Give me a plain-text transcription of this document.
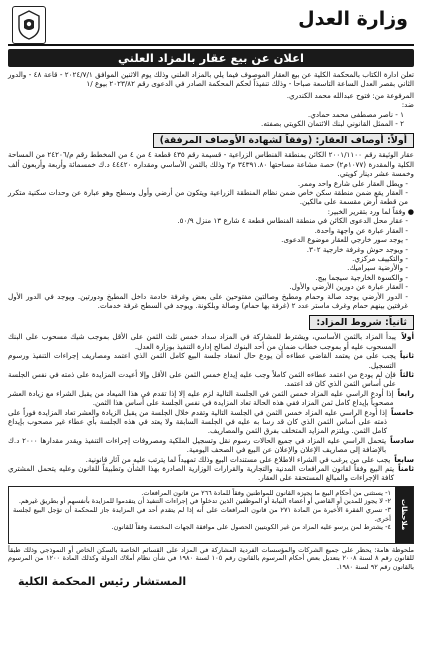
وزارة العدل
اعلان عن بيع عقار بالمزاد العلني

تعلن ادارة الكتاب بالمحكمة الكلية عن بيع العقار الموصوف فيما يلي بالمزاد العلني وذلك يوم الاثنين الموافق ٢٠٢٤/٧/١ - قاعة ٤٨ - والدور الثاني بقصر العدل الساعة التاسعة صباحا - وذلك تنفيذاً لحكم المحكمة الصادر في الدعوى رقم ٢٠٢٣/٨٢ بيوع /١

المرفوعة من: فتوح عبدالله محمد الكندري.
ضد:
١ - ناصر مصطفى محمد حمادي.
٢ - الممثل القانوني لبنك الائتمان الكويتي بصفته.
أولاً: أوصاف العقار: (وفقاً لشهادة الأوصاف المرفقة)

عقار الوثيقة رقم ٢٠٠١/١١٠٠ الكائن بمنطقة الفنطاس الزراعية - قسيمة رقم ٤٣٥ قطعة ٤ من ٤ من المخطط رقم م/٢٤٢٠٦ من المساحة الكلية والمقدرة (١٠٧٧م٢) حصة مشاعة مساحتها ٣٤٣٩١.٨٠ م٢ وذلك بالثمن الأساسي ومقداره ٤٤٤٢٠ د.ك خمسمائة وأربعة وأربعون ألف وخمسة عشر دينار كويتي.

- ويطل العقار على شارع واحد وممر.
- العقار يقع ضمن منطقة سكن خاص ضمن نظام المنطقة الزراعية ويتكون من أرضي وأول وسطح وهو عبارة عن وحدات سكنية متكرر من قطعة أرض مقسمة على مالكين.
● وفقاً لما ورد بتقرير الخبير:
- عقار محل الدعوى الكائن في منطقة الفنطاس قطعة ٤ شارع ١٣ منزل ٥٠/٩.
- العقار عبارة عن واجهة واحدة.
- يوجد سور خارجي للعقار موضوع الدعوى.
- ويوجد حوش وغرفة خارجية ٣٠٢.
- والتكييف مركزي.
- والأرضية سيراميك.
- والكسوة الخارجية سيجما بيج.
- العقار عبارة عن دورين الأرضي والأول.
- الدور الأرضي يوجد صالة وحمام ومطبخ وصالتين مفتوحين على بعض وغرفة خادمة داخل المطبخ ودورتين. ويوجد في الدور الأول غرفتين بينهم حمام وغرف ماستر عدد ٢ (غرفة بها حمام) وصالة وبلكونة. ويوجد في السطح غرفة خدمات.
ثانياً: شروط المزاد:
أولاً
يبدأ المزاد بالثمن الأساسي، ويشترط للمشاركة في المزاد سداد خمس ثلث الثمن على الأقل بموجب شيك مسحوب على البنك المسحوب عليه أو بموجب خطاب ضمان من أحد البنوك لصالح إدارة التنفيذ بوزارة العدل.
ثانياً
يجب على من يعتمد القاضي عطاءه أن يودع حال انعقاد جلسة البيع كامل الثمن الذي اعتمد ومصاريف إجراءات التنفيذ ورسوم التسجيل.
ثالثاً
فإن لم يودع من اعتمد عطاءه الثمن كاملاً وجب عليه إيداع خمس الثمن على الأقل وإلا أعيدت المزايدة على ذمته في نفس الجلسة على أساس الثمن الذي كان قد اعتمد.
رابعاً
إذا أودع الراسي عليه المزاد خمس الثمن في الجلسة التالية لزم عليه إلا إذا تقدم في هذا الميعاد من يقبل الشراء مع زيادة العشر مصحوباً بإيداع كامل ثمن المزاد ففي هذه الحالة تعاد المزايدة في نفس الجلسة على أساس هذا الثمن.
خامساً
إذا أودع الراسي عليه المزاد خمس الثمن في الجلسة التالية وتقدم خلال الجلسة من يقبل الزيادة والعشر تعاد المزايدة فوراً على ذمته على أساس الثمن الذي كان قد رسا به عليه في الجلسة السابقة ولا يعتد في هذه الجلسة بأي عطاء غير مصحوب بإيداع كامل الثمن. ويلتزم المزايد المتخلف بفرق الثمن والمصاريف.
سادساً
يتحمل الراسي عليه المزاد في جميع الحالات رسوم نقل وتسجيل الملكية ومصروفات إجراءات التنفيذ ويقدر مقدارها ٢٠٠٠ د.ك بالإضافة إلى مصاريف الإعلان والإعلان عن البيع في الصحف اليومية.
سابعاً
يجب على من يرغب في الشراء الاطلاع على مستندات البيع وذلك تمهيداً لما يترتب عليه من آثار قانونية.
ثامناً
يتم البيع وفقاً لقانون المرافعات المدنية والتجارية والقرارات الوزارية الصادرة بهذا الشأن وتطبيقاً للقانون وعليه يتحمل المشتري كافة الإجراءات والمبالغ المستحقة على العقار.
ملاحظات
١- يستثنى من أحكام البيع ما يجيزه القانون للمواطنين وفقاً للمادة ٢٦٦ من قانون المرافعات.
٢- لا يجوز للمدين أو القاضي أو أعضاء النيابة أو الموظفين الذين تدخلوا في إجراءات التنفيذ أن يتقدموا للمزايدة بأنفسهم أو بطريق غيرهم.
٣- تسري الفقرة الأخيرة من المادة ٢٧١ من قانون المرافعات على أنه إذا لم يتقدم أحد في المزايدة جاز للمحكمة أن تؤجل البيع لجلسة أخرى.
٤- يشترط لمن يرسو عليه المزاد من غير الكويتيين الحصول على موافقة الجهات المختصة وفقاً للقانون.

ملحوظة هامة: يحظر على جميع الشركات والمؤسسات الفردية المشاركة في المزاد على القسائم الخاصة بالسكن الخاص أو النموذجي وذلك طبقاً للقانون رقم ٨ لسنة ٢٠٠٨ بتعديل بعض أحكام المرسوم بالقانون رقم ١٠٥ لسنة ١٩٨٠ في شأن نظام أملاك الدولة وكذلك المادة ١٢٠٠ من المرسوم بالقانون رقم ٩٢ لسنة ١٩٨٠.

المستشار رئيس المحكمة الكلية
